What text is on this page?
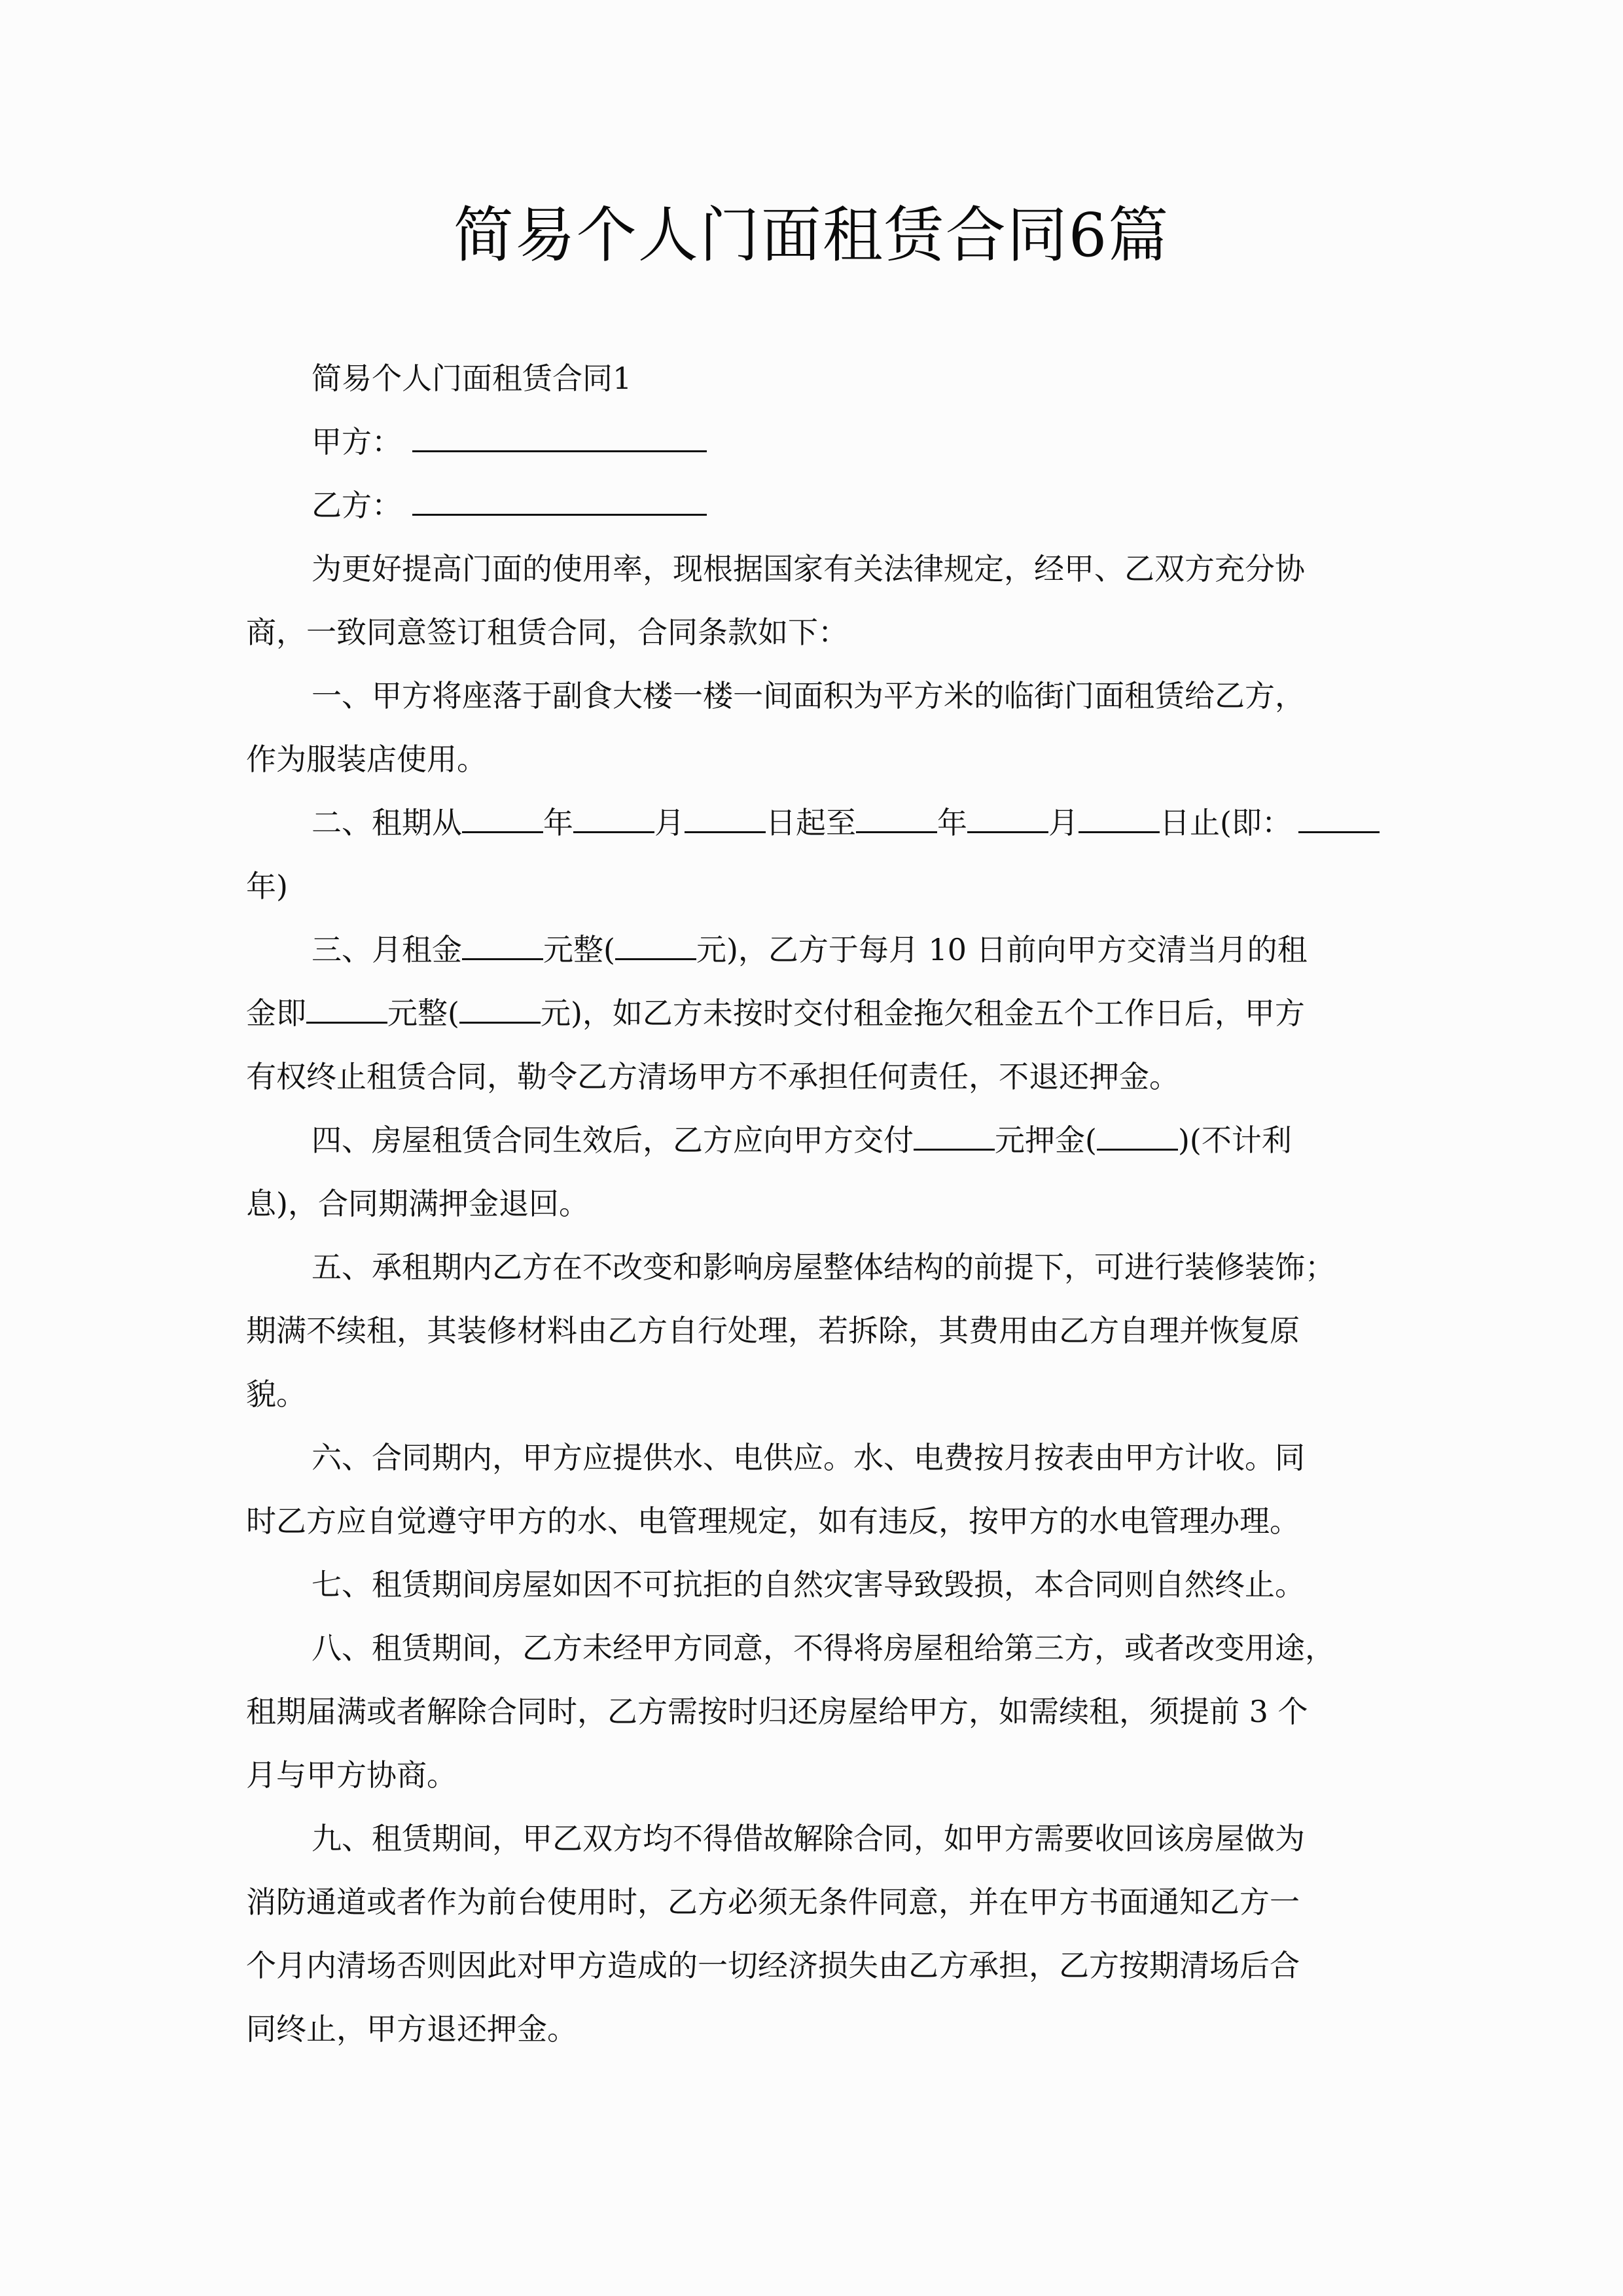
简易个人门面租赁合同6篇
简易个人门面租赁合同1
甲方：
乙方：
为更好提高门面的使用率，现根据国家有关法律规定，经甲、乙双方充分协
商，一致同意签订租赁合同，合同条款如下：
一、甲方将座落于副食大楼一楼一间面积为平方米的临街门面租赁给乙方，
作为服装店使用。
二、租期从	年	月	日起至	年	月	日止(即：
年)
三、月租金	元整(	元)，乙方于每月 10 日前向甲方交清当月的租
金即	元整(	元)，如乙方未按时交付租金拖欠租金五个工作日后，甲方
有权终止租赁合同，勒令乙方清场甲方不承担任何责任，不退还押金。
四、房屋租赁合同生效后，乙方应向甲方交付	元押金(	)(不计利
息)，合同期满押金退回。
五、承租期内乙方在不改变和影响房屋整体结构的前提下，可进行装修装饰；
期满不续租，其装修材料由乙方自行处理，若拆除，其费用由乙方自理并恢复原
貌。
六、合同期内，甲方应提供水、电供应。水、电费按月按表由甲方计收。同
时乙方应自觉遵守甲方的水、电管理规定，如有违反，按甲方的水电管理办理。
七、租赁期间房屋如因不可抗拒的自然灾害导致毁损，本合同则自然终止。
八、租赁期间，乙方未经甲方同意，不得将房屋租给第三方，或者改变用途，
租期届满或者解除合同时，乙方需按时归还房屋给甲方，如需续租，须提前 3 个
月与甲方协商。
九、租赁期间，甲乙双方均不得借故解除合同，如甲方需要收回该房屋做为
消防通道或者作为前台使用时，乙方必须无条件同意，并在甲方书面通知乙方一
个月内清场否则因此对甲方造成的一切经济损失由乙方承担，乙方按期清场后合
同终止，甲方退还押金。
